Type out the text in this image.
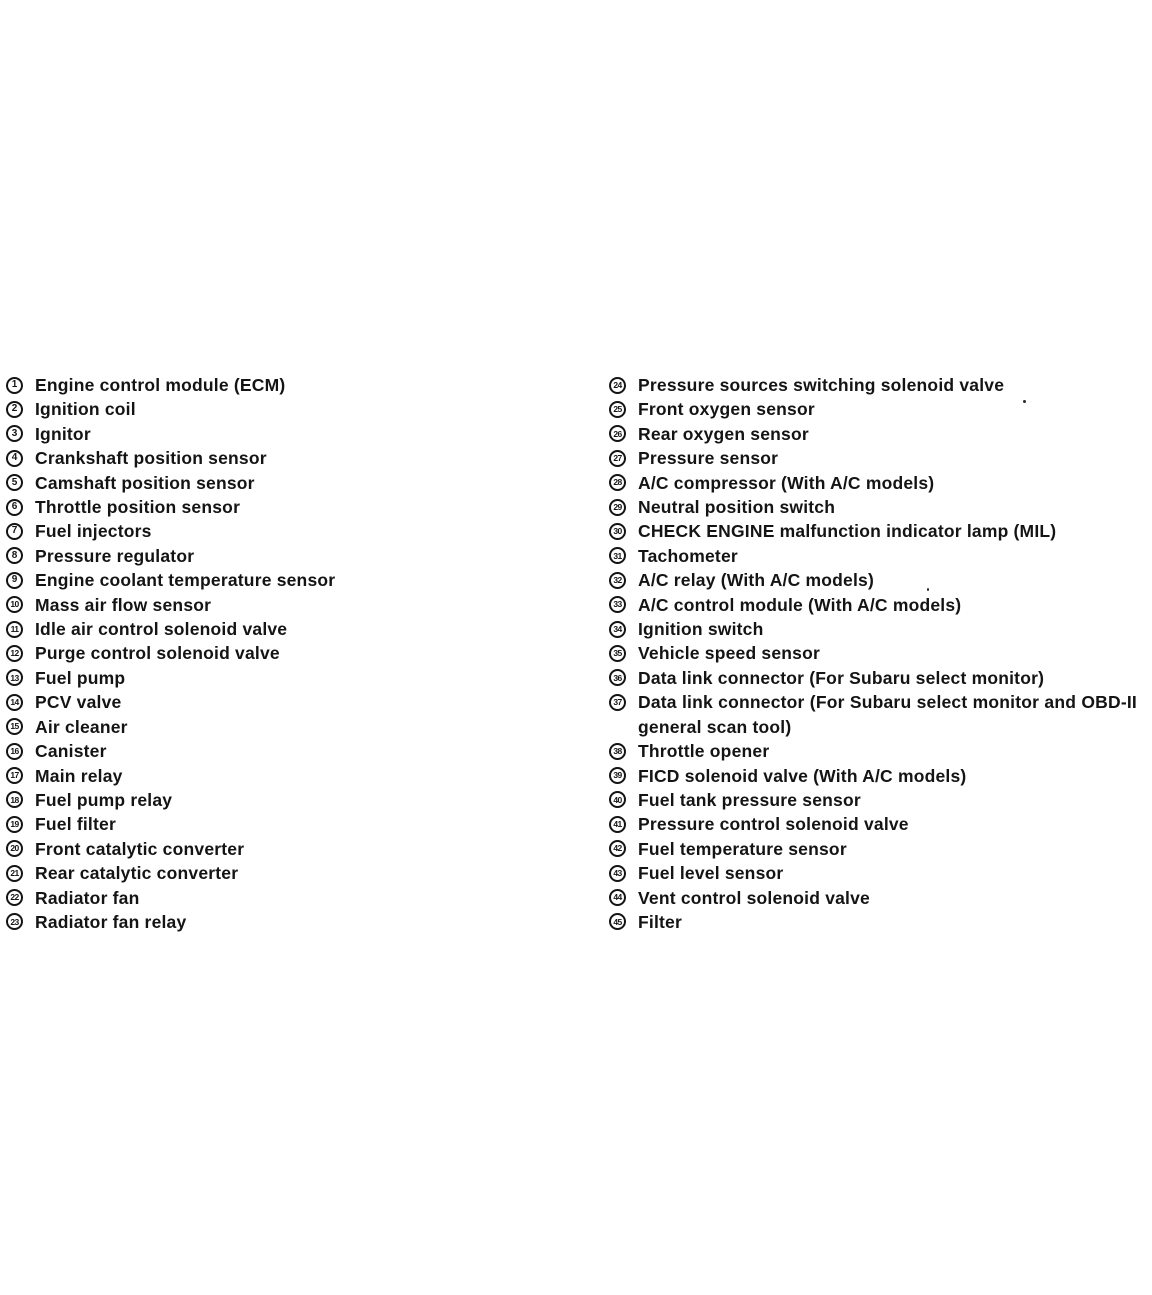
1	Engine control module (ECM)
2	Ignition coil
3	Ignitor
4	Crankshaft position sensor
5	Camshaft position sensor
6	Throttle position sensor
7	Fuel injectors
8	Pressure regulator
9	Engine coolant temperature sensor
10 Mass air flow sensor
11 Idle air control solenoid valve
12 Purge control solenoid valve
13 Fuel pump
14 PCV valve
15 Air cleaner
16 Canister
17 Main relay
18 Fuel pump relay
19 Fuel filter
20 Front catalytic converter
21 Rear catalytic converter
22 Radiator fan
23 Radiator fan relay
24 Pressure sources switching solenoid valve
25 Front oxygen sensor
26 Rear oxygen sensor
27 Pressure sensor
28 A/C compressor (With A/C models)
29 Neutral position switch
30 CHECK ENGINE malfunction indicator lamp (MIL)
31 Tachometer
32 A/C relay (With A/C models)
33 A/C control module (With A/C models)
34 Ignition switch
35 Vehicle speed sensor
36 Data link connector (For Subaru select monitor)
37 Data link connector (For Subaru select monitor and OBD-II general scan tool)
38 Throttle opener
39 FICD solenoid valve (With A/C models)
40 Fuel tank pressure sensor
41 Pressure control solenoid valve
42 Fuel temperature sensor
43 Fuel level sensor
44 Vent control solenoid valve
45 Filter
